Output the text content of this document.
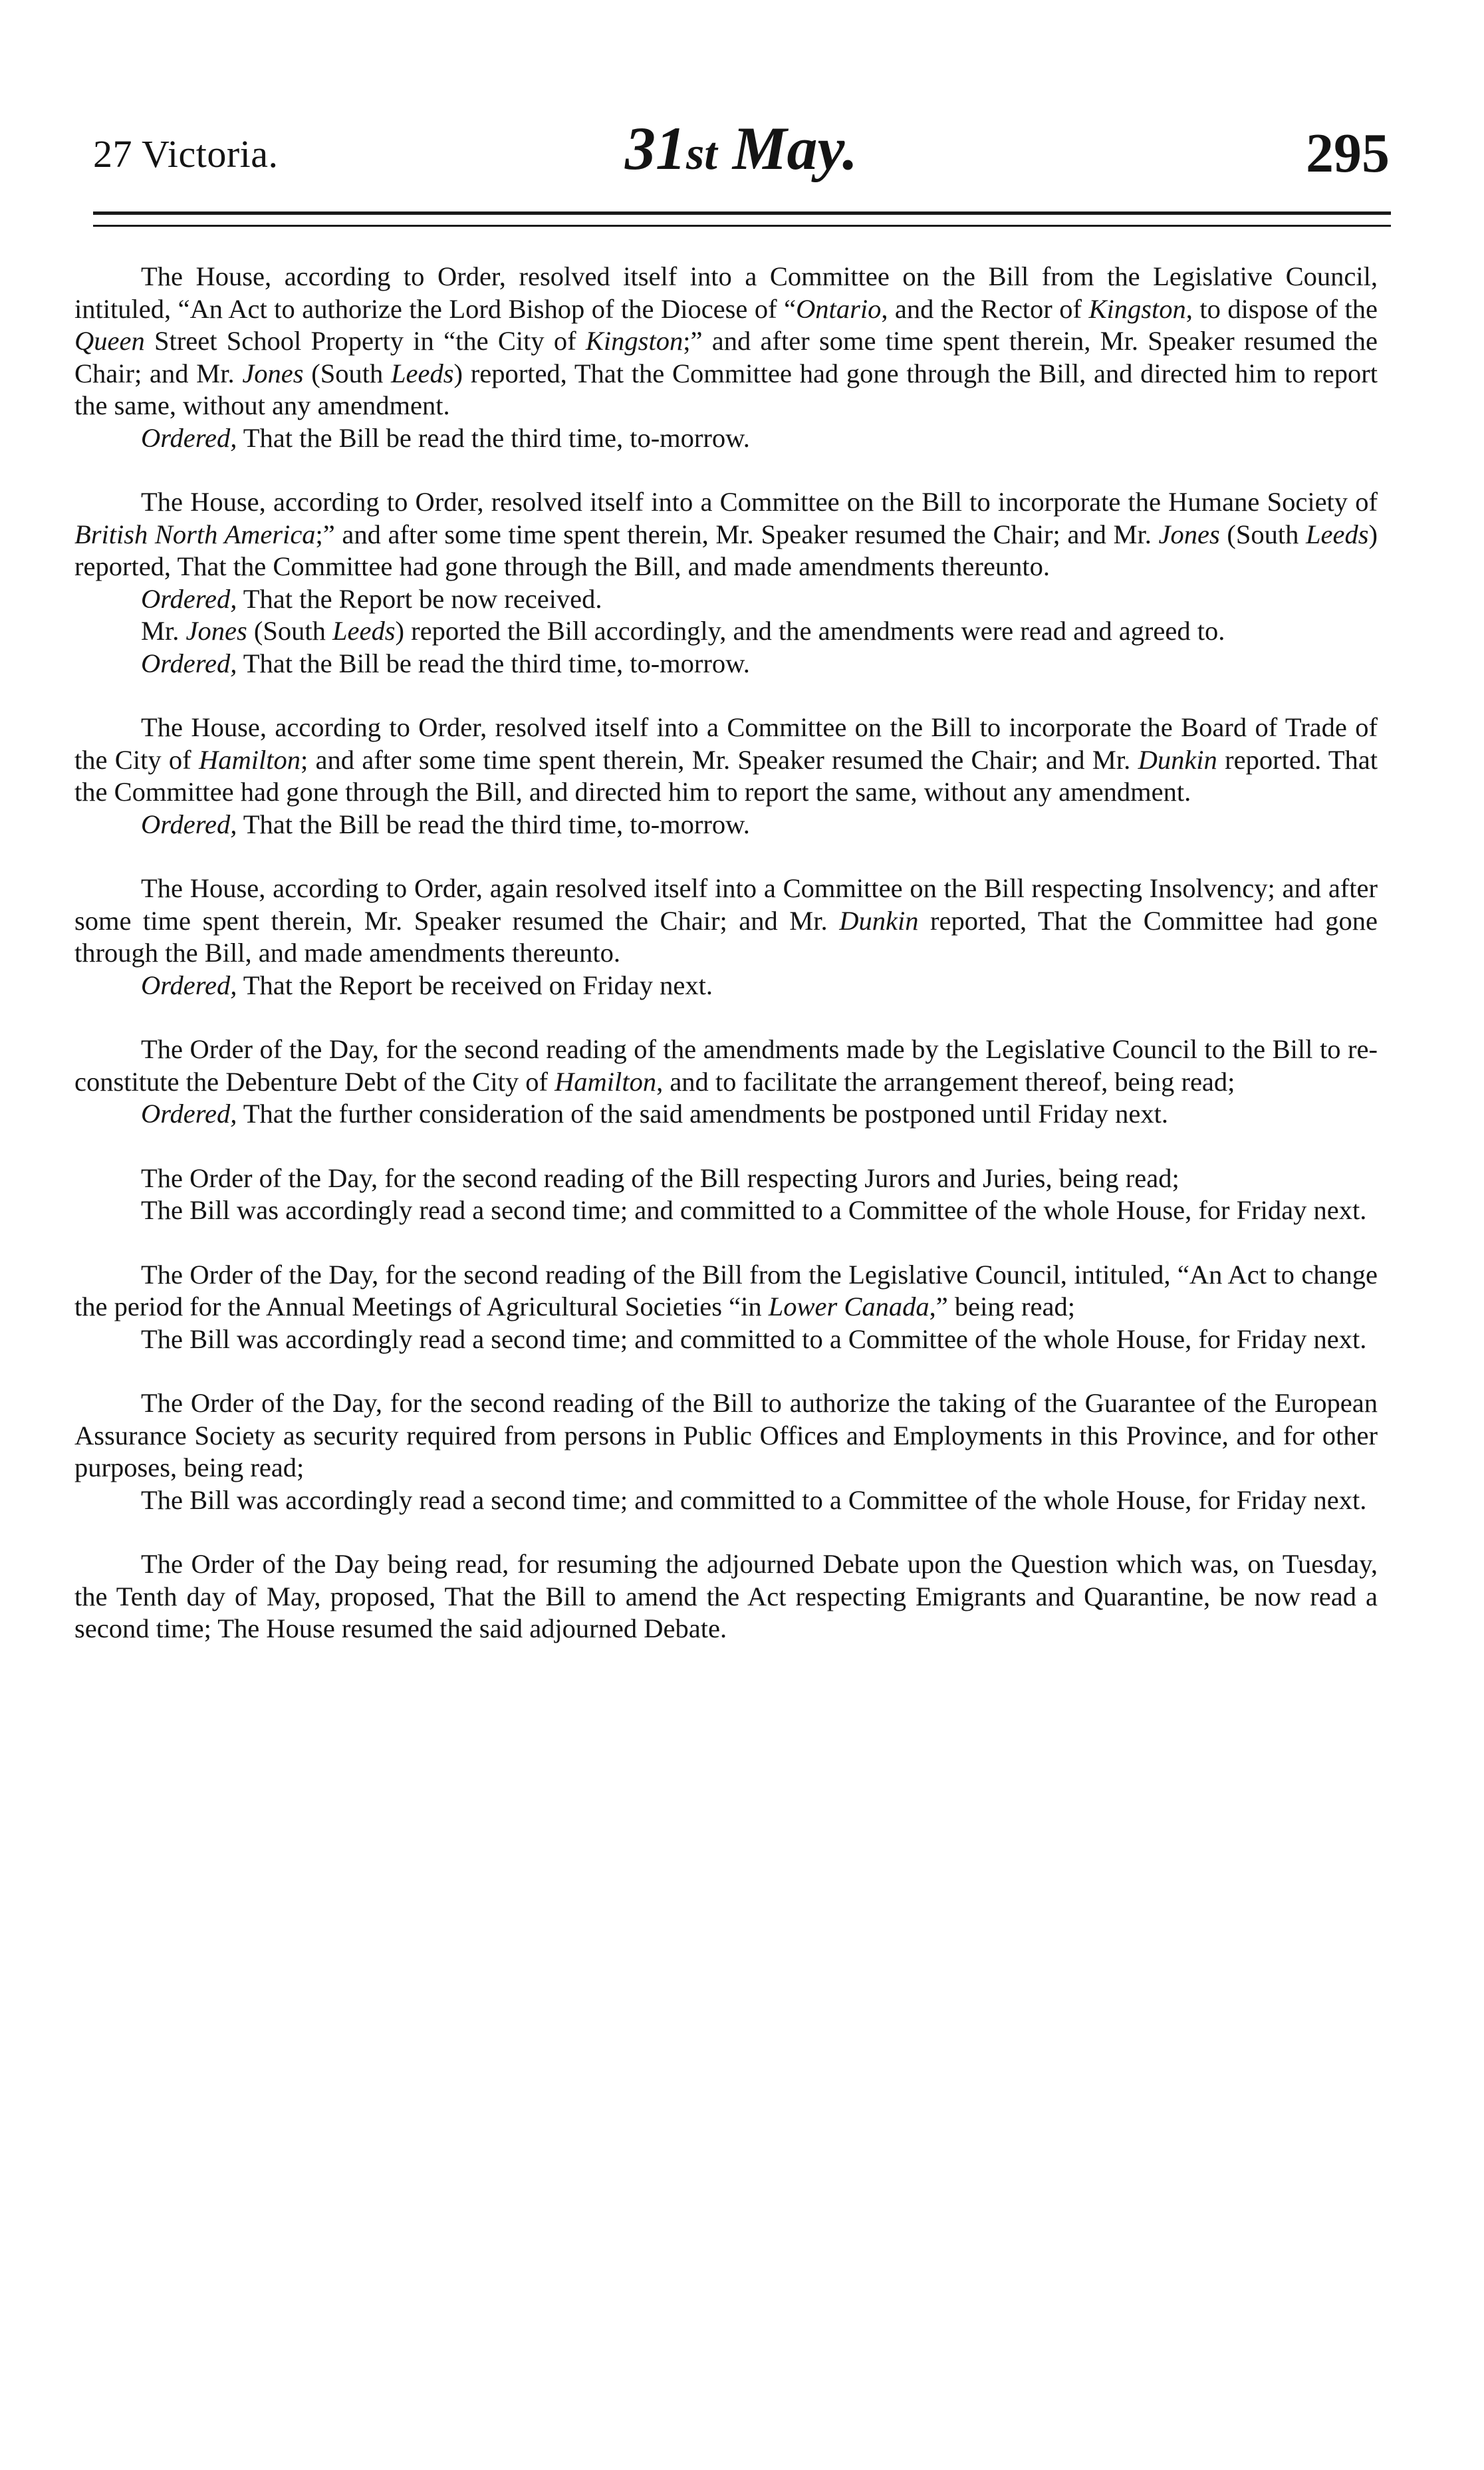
27 Victoria.	31st May.	295

The House, according to Order, resolved itself into a Committee on the Bill from the Legislative Council, intituled, “An Act to authorize the Lord Bishop of the Diocese of “Ontario, and the Rector of Kingston, to dispose of the Queen Street School Property in “the City of Kingston;” and after some time spent therein, Mr. Speaker resumed the Chair; and Mr. Jones (South Leeds) reported, That the Committee had gone through the Bill, and directed him to report the same, without any amendment.

Ordered, That the Bill be read the third time, to-morrow.

The House, according to Order, resolved itself into a Committee on the Bill to incorporate the Humane Society of British North America;” and after some time spent therein, Mr. Speaker resumed the Chair; and Mr. Jones (South Leeds) reported, That the Committee had gone through the Bill, and made amendments thereunto.

Ordered, That the Report be now received.

Mr. Jones (South Leeds) reported the Bill accordingly, and the amendments were read and agreed to.

Ordered, That the Bill be read the third time, to-morrow.

The House, according to Order, resolved itself into a Committee on the Bill to incorporate the Board of Trade of the City of Hamilton; and after some time spent therein, Mr. Speaker resumed the Chair; and Mr. Dunkin reported. That the Committee had gone through the Bill, and directed him to report the same, without any amendment.

Ordered, That the Bill be read the third time, to-morrow.

The House, according to Order, again resolved itself into a Committee on the Bill respecting Insolvency; and after some time spent therein, Mr. Speaker resumed the Chair; and Mr. Dunkin reported, That the Committee had gone through the Bill, and made amendments thereunto.

Ordered, That the Report be received on Friday next.

The Order of the Day, for the second reading of the amendments made by the Legislative Council to the Bill to re-constitute the Debenture Debt of the City of Hamilton, and to facilitate the arrangement thereof, being read;

Ordered, That the further consideration of the said amendments be postponed until Friday next.

The Order of the Day, for the second reading of the Bill respecting Jurors and Juries, being read;

The Bill was accordingly read a second time; and committed to a Committee of the whole House, for Friday next.

The Order of the Day, for the second reading of the Bill from the Legislative Council, intituled, “An Act to change the period for the Annual Meetings of Agricultural Societies “in Lower Canada,” being read;

The Bill was accordingly read a second time; and committed to a Committee of the whole House, for Friday next.

The Order of the Day, for the second reading of the Bill to authorize the taking of the Guarantee of the European Assurance Society as security required from persons in Public Offices and Employments in this Province, and for other purposes, being read;

The Bill was accordingly read a second time; and committed to a Committee of the whole House, for Friday next.

The Order of the Day being read, for resuming the adjourned Debate upon the Question which was, on Tuesday, the Tenth day of May, proposed, That the Bill to amend the Act respecting Emigrants and Quarantine, be now read a second time; The House resumed the said adjourned Debate.
